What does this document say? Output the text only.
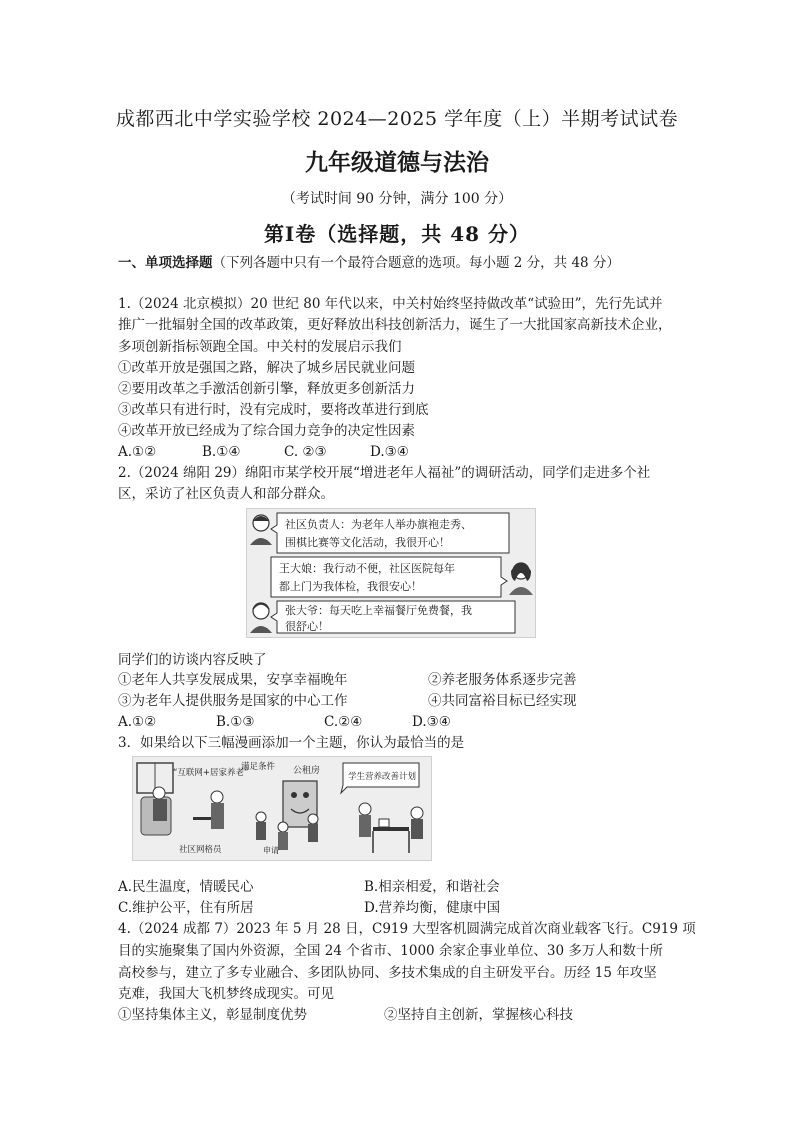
成都西北中学实验学校 2024—2025 学年度（上）半期考试试卷
九年级道德与法治
（考试时间 90 分钟，满分 100 分）
第Ⅰ卷（选择题，共 48 分）
一、单项选择题（下列各题中只有一个最符合题意的选项。每小题 2 分，共 48 分）
1.（2024 北京模拟）20 世纪 80 年代以来，中关村始终坚持做改革“试验田”，先行先试并
推广一批辐射全国的改革政策，更好释放出科技创新活力，诞生了一大批国家高新技术企业，
多项创新指标领跑全国。中关村的发展启示我们
①改革开放是强国之路，解决了城乡居民就业问题
②要用改革之手激活创新引擎，释放更多创新活力
③改革只有进行时，没有完成时，要将改革进行到底
④改革开放已经成为了综合国力竞争的决定性因素
A.①②	B.①④	C. ②③	D.③④
2.（2024 绵阳 29）绵阳市某学校开展“增进老年人福祉”的调研活动，同学们走进多个社
区，采访了社区负责人和部分群众。
社区负责人：为老年人举办旗袍走秀、
围棋比赛等文化活动，我很开心！
王大娘：我行动不便，社区医院每年
都上门为我体检，我很安心！
张大爷：每天吃上幸福餐厅免费餐，我
很舒心！
同学们的访谈内容反映了
①老年人共享发展成果，安享幸福晚年	②养老服务体系逐步完善
③为老年人提供服务是国家的中心工作	④共同富裕目标已经实现
A.①②	B.①③	C.②④	D.③④
3．如果给以下三幅漫画添加一个主题，你认为最恰当的是
“互联网+居家养老”
社区网格员
满足条件 公租房
申请
学生营养改善计划
A.民生温度，情暖民心	B.相亲相爱，和谐社会
C.维护公平，住有所居	D.营养均衡，健康中国
4.（2024 成都 7）2023 年 5 月 28 日，C919 大型客机圆满完成首次商业载客飞行。C919 项
目的实施聚集了国内外资源，全国 24 个省市、1000 余家企事业单位、30 多万人和数十所
高校参与，建立了多专业融合、多团队协同、多技术集成的自主研发平台。历经 15 年攻坚
克难，我国大飞机梦终成现实。可见
①坚持集体主义，彰显制度优势	②坚持自主创新，掌握核心科技
